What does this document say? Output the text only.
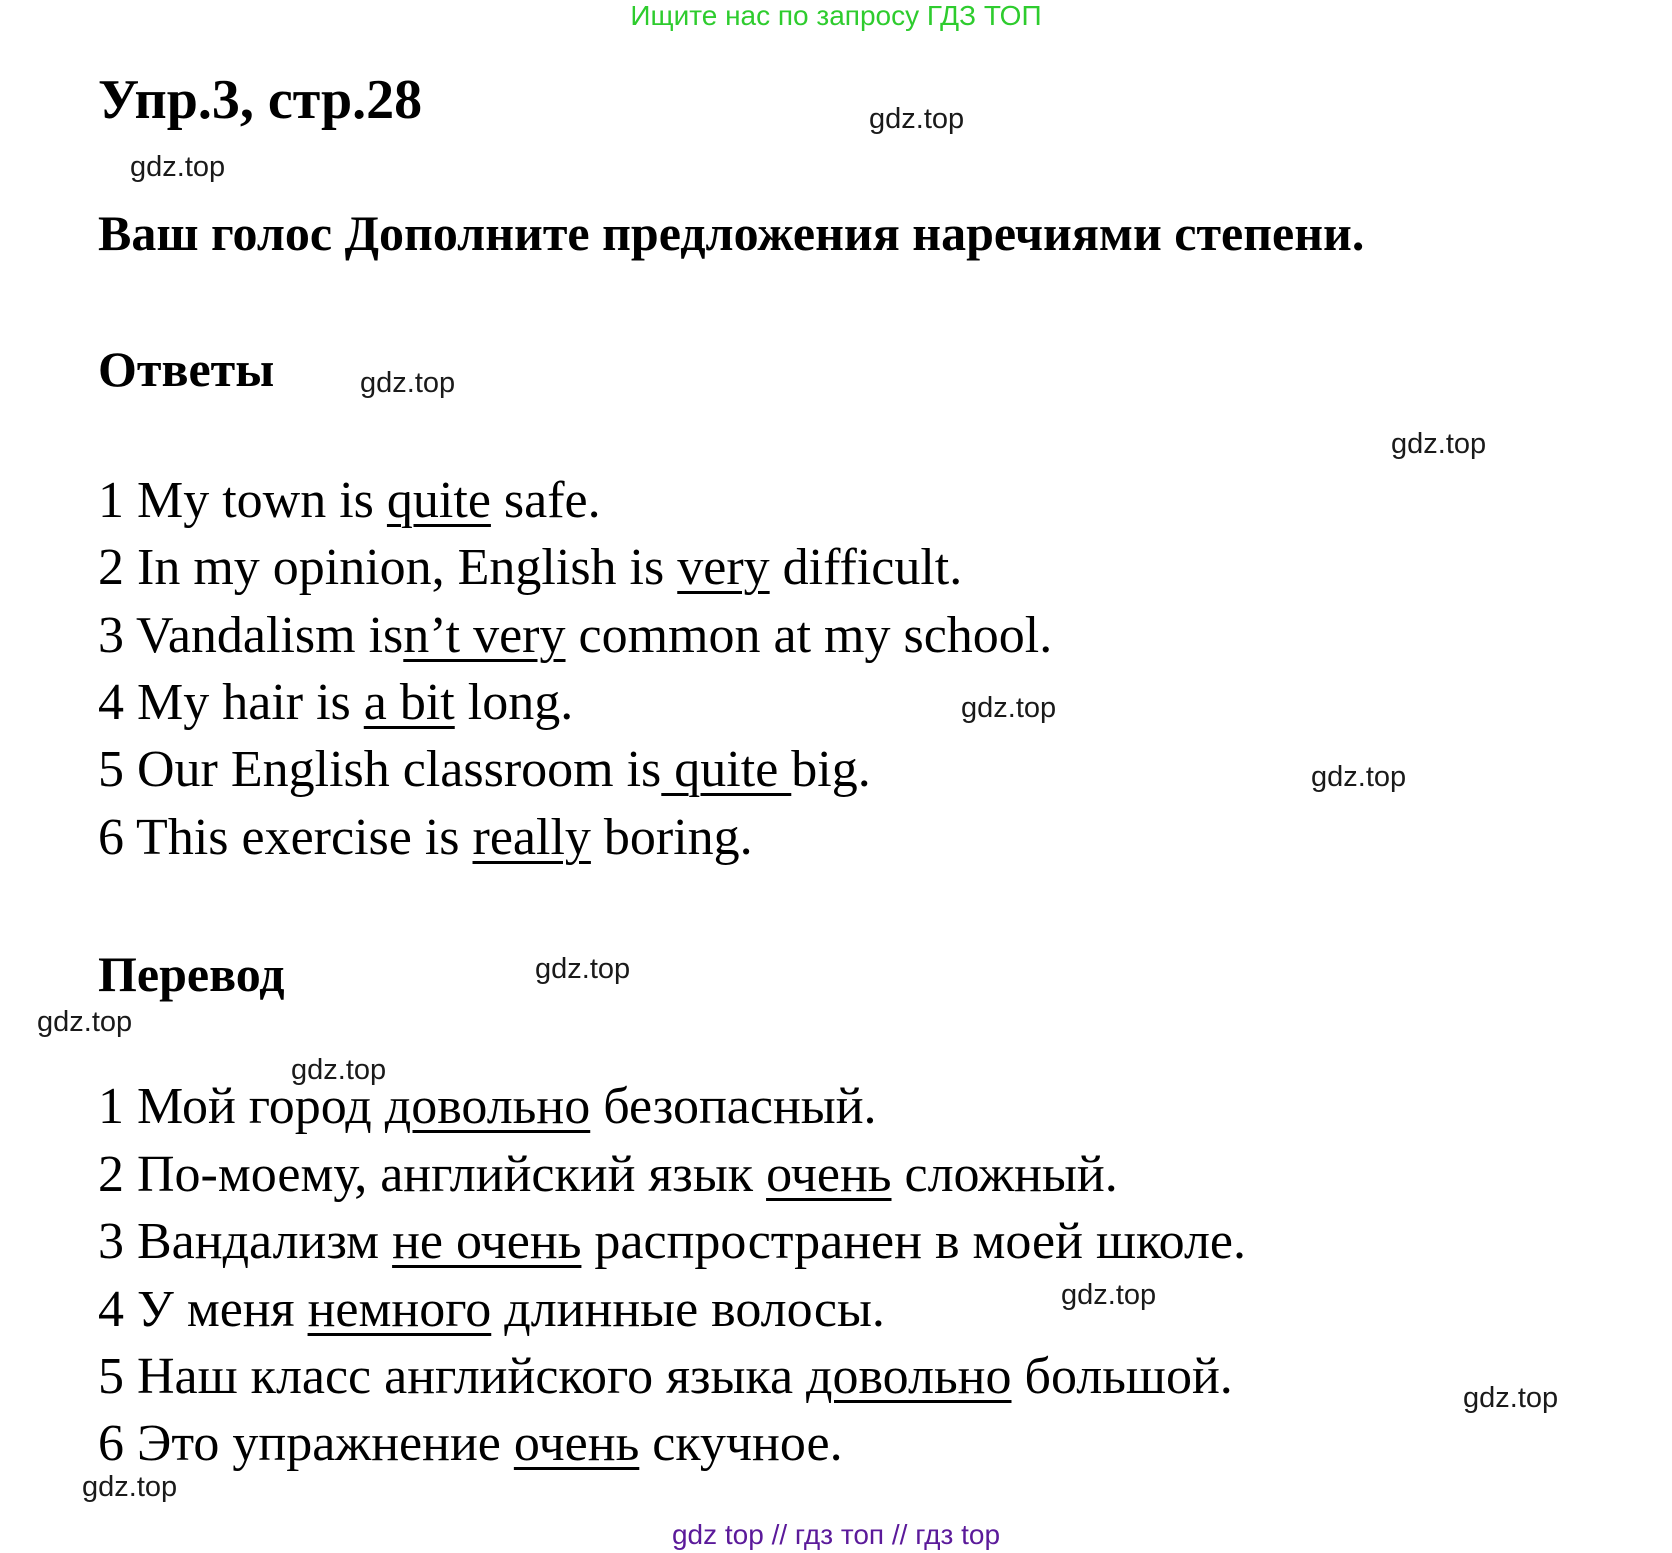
Ищите нас по запросу ГДЗ ТОП
Упр.3, стр.28
Ваш голос Дополните предложения наречиями степени.
Ответы
1 My town is quite safe.
2 In my opinion, English is very difficult.
3 Vandalism isn’t very common at my school.
4 My hair is a bit long.
5 Our English classroom is quite big.
6 This exercise is really boring.
Перевод
1 Мой город довольно безопасный.
2 По-моему, английский язык очень сложный.
3 Вандализм не очень распространен в моей школе.
4 У меня немного длинные волосы.
5 Наш класс английского языка довольно большой.
6 Это упражнение очень скучное.
gdz.top
gdz.top
gdz.top
gdz.top
gdz.top
gdz.top
gdz.top
gdz.top
gdz.top
gdz.top
gdz.top
gdz.top
gdz top // гдз топ // гдз top
